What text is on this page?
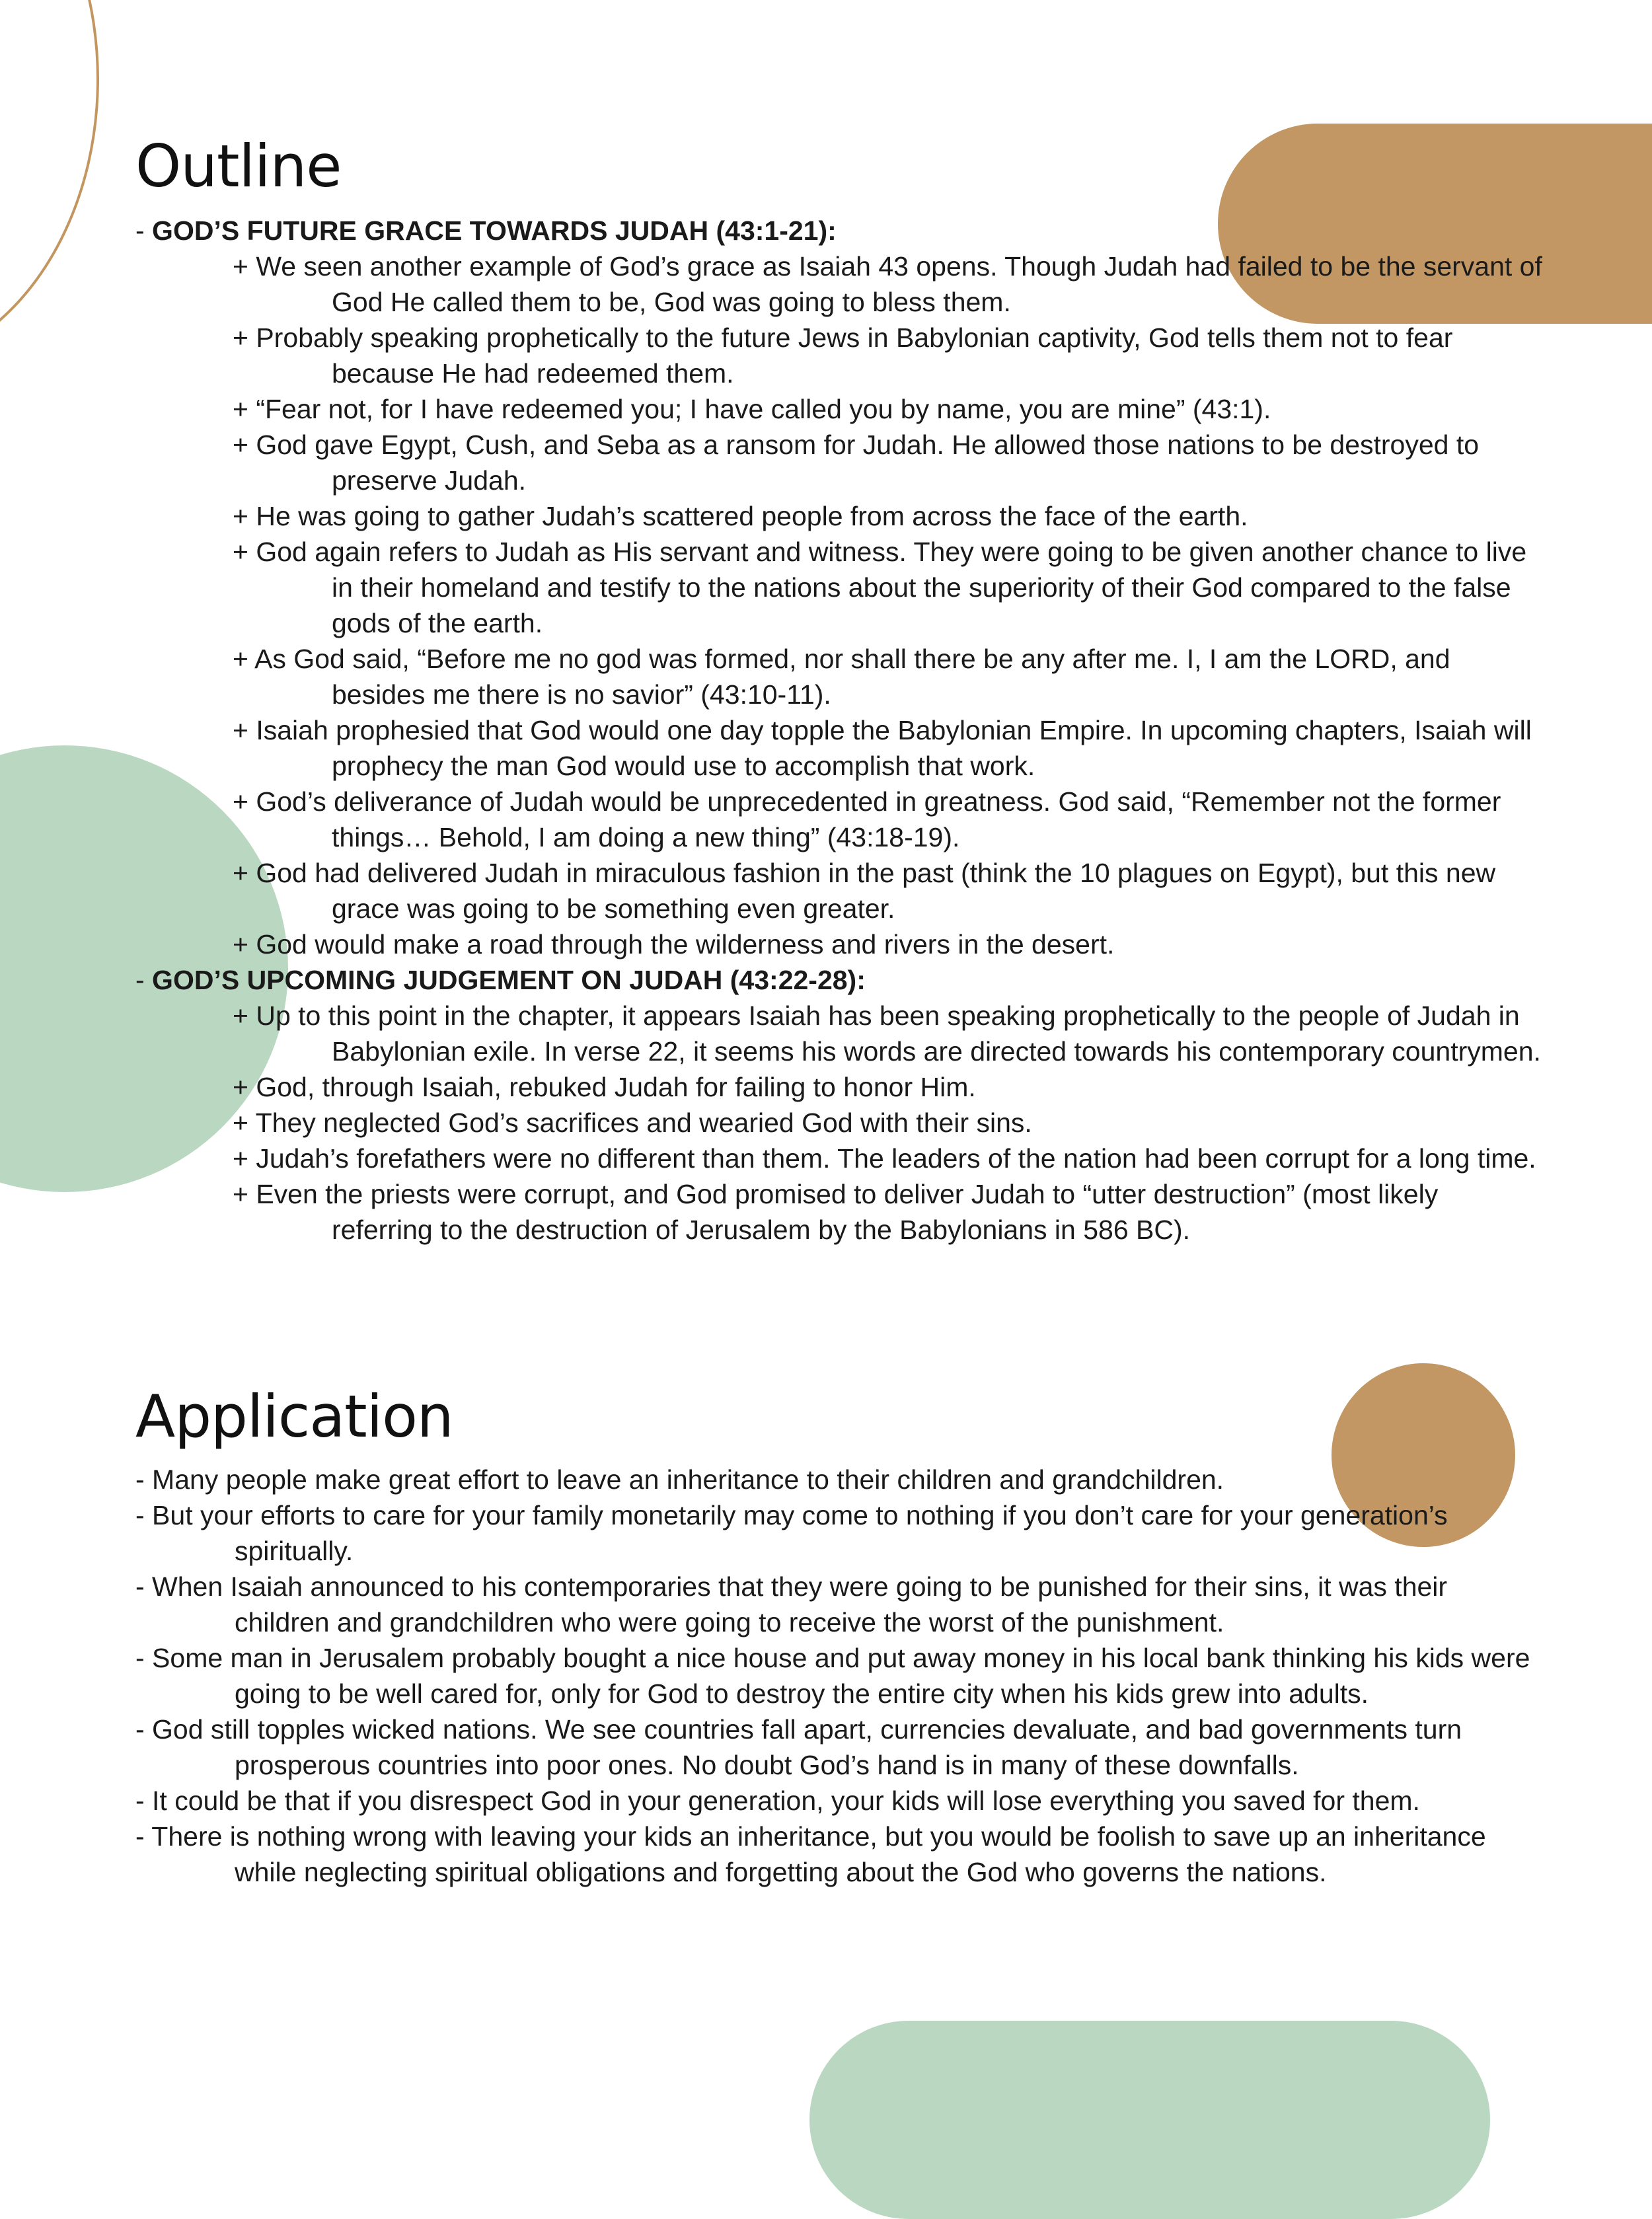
Outline

- GOD’S FUTURE GRACE TOWARDS JUDAH (43:1-21):

+ We seen another example of God’s grace as Isaiah 43 opens. Though Judah had failed to be the servant of God He called them to be, God was going to bless them.

+ Probably speaking prophetically to the future Jews in Babylonian captivity, God tells them not to fear because He had redeemed them.

+ “Fear not, for I have redeemed you; I have called you by name, you are mine” (43:1).

+ God gave Egypt, Cush, and Seba as a ransom for Judah. He allowed those nations to be destroyed to preserve Judah.

+ He was going to gather Judah’s scattered people from across the face of the earth.

+ God again refers to Judah as His servant and witness. They were going to be given another chance to live in their homeland and testify to the nations about the superiority of their God compared to the false gods of the earth.

+ As God said, “Before me no god was formed, nor shall there be any after me. I, I am the LORD, and besides me there is no savior” (43:10-11).

+ Isaiah prophesied that God would one day topple the Babylonian Empire. In upcoming chapters, Isaiah will prophecy the man God would use to accomplish that work.

+ God’s deliverance of Judah would be unprecedented in greatness. God said, “Remember not the former things… Behold, I am doing a new thing” (43:18-19).

+ God had delivered Judah in miraculous fashion in the past (think the 10 plagues on Egypt), but this new grace was going to be something even greater.

+ God would make a road through the wilderness and rivers in the desert.

- GOD’S UPCOMING JUDGEMENT ON JUDAH (43:22-28):

+ Up to this point in the chapter, it appears Isaiah has been speaking prophetically to the people of Judah in Babylonian exile. In verse 22, it seems his words are directed towards his contemporary countrymen.

+ God, through Isaiah, rebuked Judah for failing to honor Him.

+ They neglected God’s sacrifices and wearied God with their sins.

+ Judah’s forefathers were no different than them. The leaders of the nation had been corrupt for a long time.

+ Even the priests were corrupt, and God promised to deliver Judah to “utter destruction” (most likely referring to the destruction of Jerusalem by the Babylonians in 586 BC).

Application

- Many people make great effort to leave an inheritance to their children and grandchildren.

- But your efforts to care for your family monetarily may come to nothing if you don’t care for your generation’s spiritually.

- When Isaiah announced to his contemporaries that they were going to be punished for their sins, it was their children and grandchildren who were going to receive the worst of the punishment.

- Some man in Jerusalem probably bought a nice house and put away money in his local bank thinking his kids were going to be well cared for, only for God to destroy the entire city when his kids grew into adults.

- God still topples wicked nations. We see countries fall apart, currencies devaluate, and bad governments turn prosperous countries into poor ones. No doubt God’s hand is in many of these downfalls.

- It could be that if you disrespect God in your generation, your kids will lose everything you saved for them.

- There is nothing wrong with leaving your kids an inheritance, but you would be foolish to save up an inheritance while neglecting spiritual obligations and forgetting about the God who governs the nations.
